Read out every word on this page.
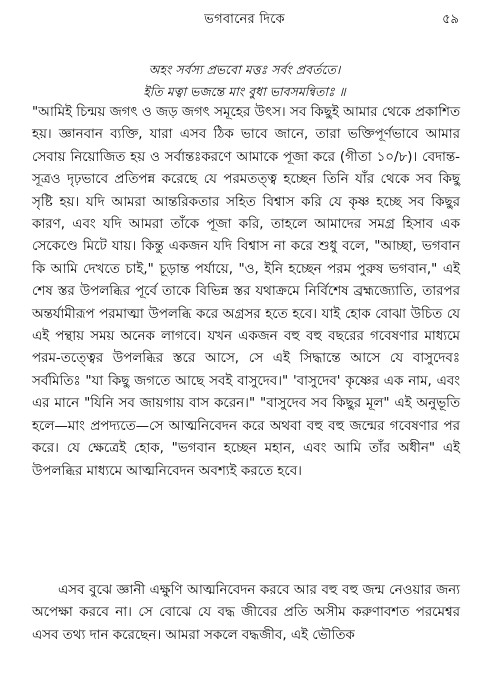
ভগবানের দিকে	৫৯
অহং সর্বস্য প্রভবো মত্তঃ সর্বং প্রবর্ততে।
ইতি মত্বা ভজন্তে মাং বুধা ভাবসমন্বিতাঃ ॥
"আমিই চিন্ময় জগৎ ও জড় জগৎ সমূহের উৎস। সব কিছুই আমার থেকে প্রকাশিত হয়। জ্ঞানবান ব্যক্তি, যারা এসব ঠিক ভাবে জানে, তারা ভক্তিপূর্ণভাবে আমার সেবায় নিয়োজিত হয় ও সর্বান্তঃকরণে আমাকে পূজা করে (গীতা ১০/৮)। বেদান্ত-সূত্রও দৃঢ়ভাবে প্রতিপন্ন করেছে যে পরমতত্ত্ব হচ্ছেন তিনি যাঁর থেকে সব কিছু সৃষ্টি হয়। যদি আমরা আন্তরিকতার সহিত বিশ্বাস করি যে কৃষ্ণ হচ্ছে সব কিছুর কারণ, এবং যদি আমরা তাঁকে পূজা করি, তাহলে আমাদের সমগ্র হিসাব এক সেকেণ্ডে মিটে যায়। কিন্তু একজন যদি বিশ্বাস না করে শুধু বলে, "আচ্ছা, ভগবান কি আমি দেখতে চাই," চূড়ান্ত পর্যায়ে, "ও, ইনি হচ্ছেন পরম পুরুষ ভগবান," এই শেষ স্তর উপলব্ধির পূর্বে তাকে বিভিন্ন স্তর যথাক্রমে নির্বিশেষ ব্রহ্মজ্যোতি, তারপর অন্তর্যামীরূপ পরমাত্মা উপলব্ধি করে অগ্রসর হতে হবে। যাই হোক বোঝা উচিত যে এই পন্থায় সময় অনেক লাগবে। যখন একজন বহু বহু বছরের গবেষণার মাধ্যমে পরম-তত্ত্বের উপলব্ধির স্তরে আসে, সে এই সিদ্ধান্তে আসে যে বাসুদেবঃ সর্বমিতিঃ "যা কিছু জগতে আছে সবই বাসুদেব।" 'বাসুদেব' কৃষ্ণের এক নাম, এবং এর মানে "যিনি সব জায়গায় বাস করেন।" "বাসুদেব সব কিছুর মূল" এই অনুভূতি হলে—মাং প্রপদ্যতে—সে আত্মনিবেদন করে অথবা বহু বহু জন্মের গবেষণার পর করে। যে ক্ষেত্রেই হোক, "ভগবান হচ্ছেন মহান, এবং আমি তাঁর অধীন" এই উপলব্ধির মাধ্যমে আত্মনিবেদন অবশ্যই করতে হবে।
এসব বুঝে জ্ঞানী এক্ষুণি আত্মনিবেদন করবে আর বহু বহু জন্ম নেওয়ার জন্য অপেক্ষা করবে না। সে বোঝে যে বদ্ধ জীবের প্রতি অসীম করুণাবশত পরমেশ্বর এসব তথ্য দান করেছেন। আমরা সকলে বদ্ধজীব, এই ভৌতিক
